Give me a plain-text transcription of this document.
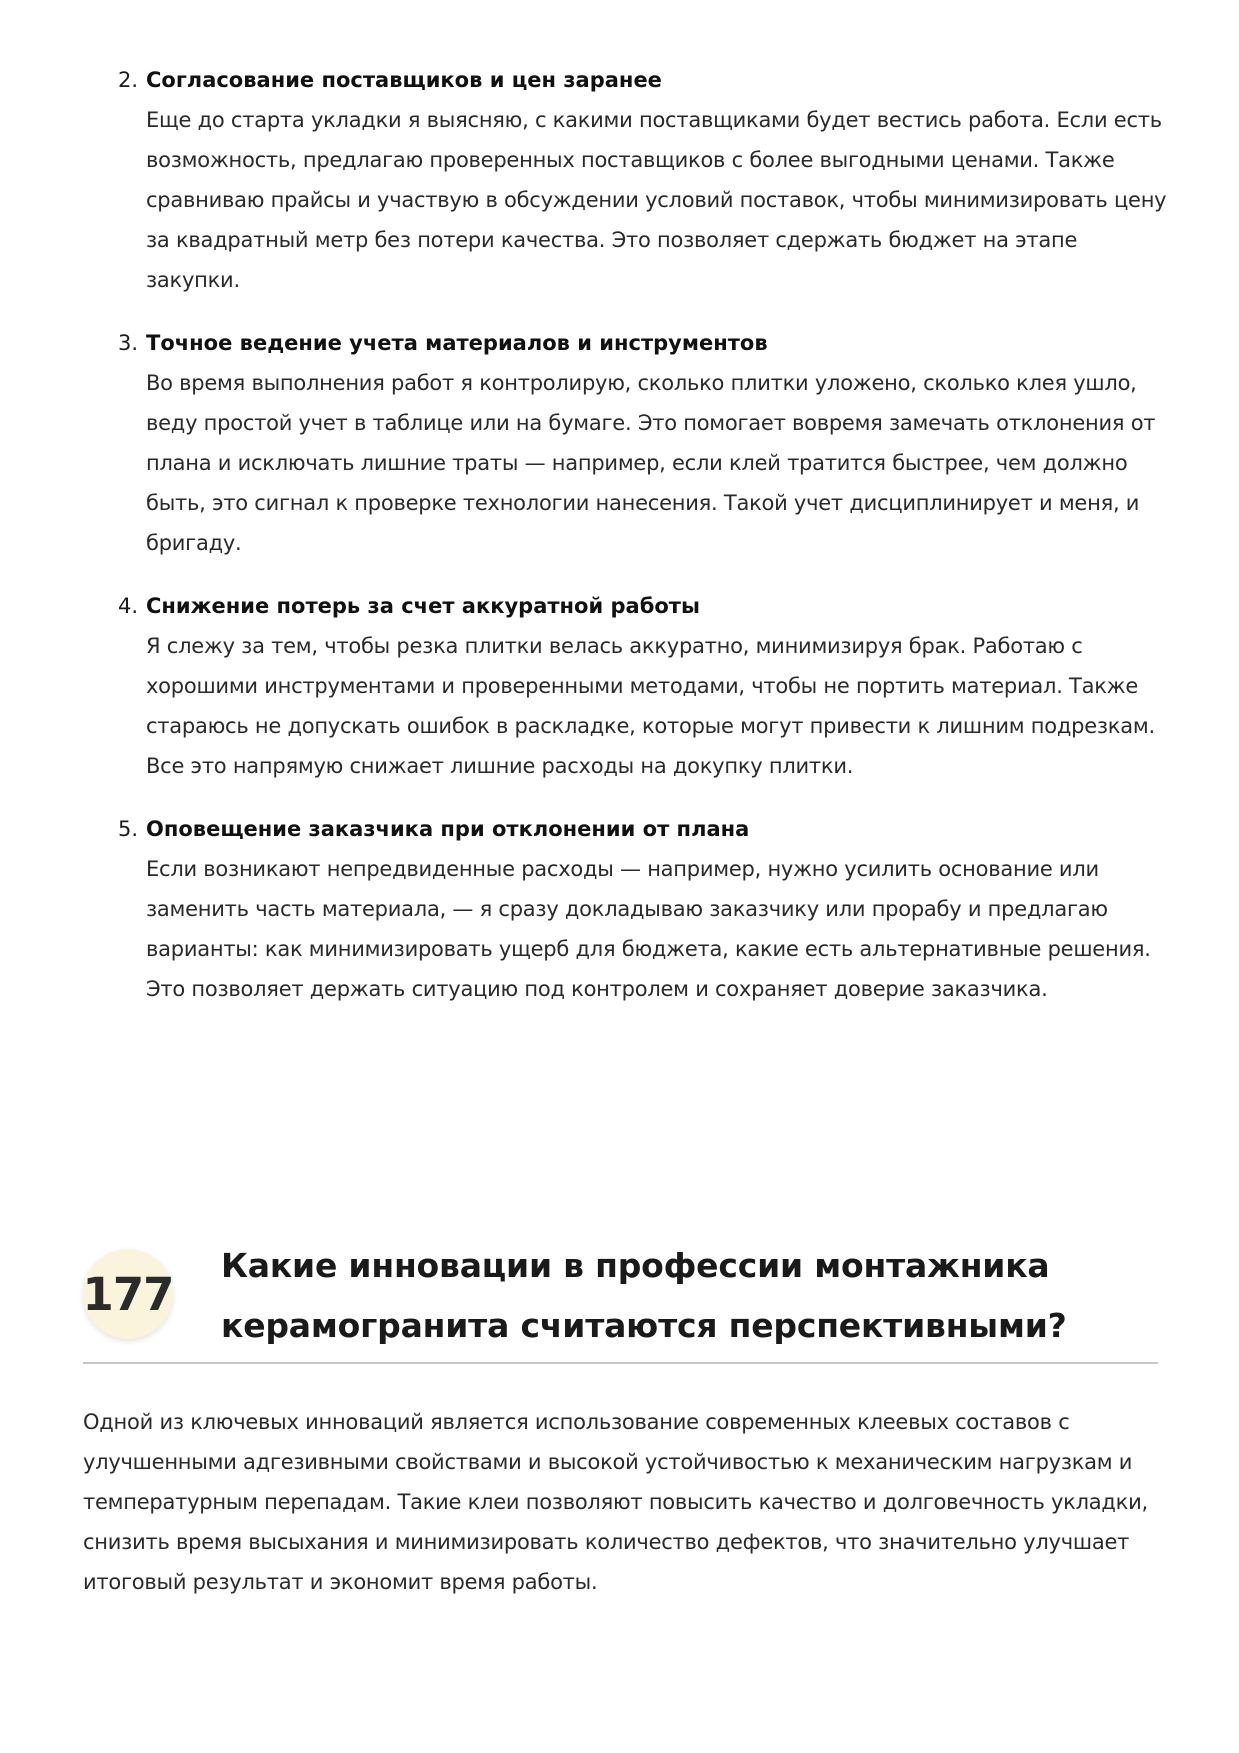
2. Согласование поставщиков и цен заранее
Еще до старта укладки я выясняю, с какими поставщиками будет вестись работа. Если есть возможность, предлагаю проверенных поставщиков с более выгодными ценами. Также сравниваю прайсы и участвую в обсуждении условий поставок, чтобы минимизировать цену за квадратный метр без потери качества. Это позволяет сдержать бюджет на этапе закупки.
3. Точное ведение учета материалов и инструментов
Во время выполнения работ я контролирую, сколько плитки уложено, сколько клея ушло, веду простой учет в таблице или на бумаге. Это помогает вовремя замечать отклонения от плана и исключать лишние траты — например, если клей тратится быстрее, чем должно быть, это сигнал к проверке технологии нанесения. Такой учет дисциплинирует и меня, и бригаду.
4. Снижение потерь за счет аккуратной работы
Я слежу за тем, чтобы резка плитки велась аккуратно, минимизируя брак. Работаю с хорошими инструментами и проверенными методами, чтобы не портить материал. Также стараюсь не допускать ошибок в раскладке, которые могут привести к лишним подрезкам. Все это напрямую снижает лишние расходы на докупку плитки.
5. Оповещение заказчика при отклонении от плана
Если возникают непредвиденные расходы — например, нужно усилить основание или заменить часть материала, — я сразу докладываю заказчику или прорабу и предлагаю варианты: как минимизировать ущерб для бюджета, какие есть альтернативные решения. Это позволяет держать ситуацию под контролем и сохраняет доверие заказчика.
177
Какие инновации в профессии монтажника керамогранита считаются перспективными?
Одной из ключевых инноваций является использование современных клеевых составов с улучшенными адгезивными свойствами и высокой устойчивостью к механическим нагрузкам и температурным перепадам. Такие клеи позволяют повысить качество и долговечность укладки, снизить время высыхания и минимизировать количество дефектов, что значительно улучшает итоговый результат и экономит время работы.
